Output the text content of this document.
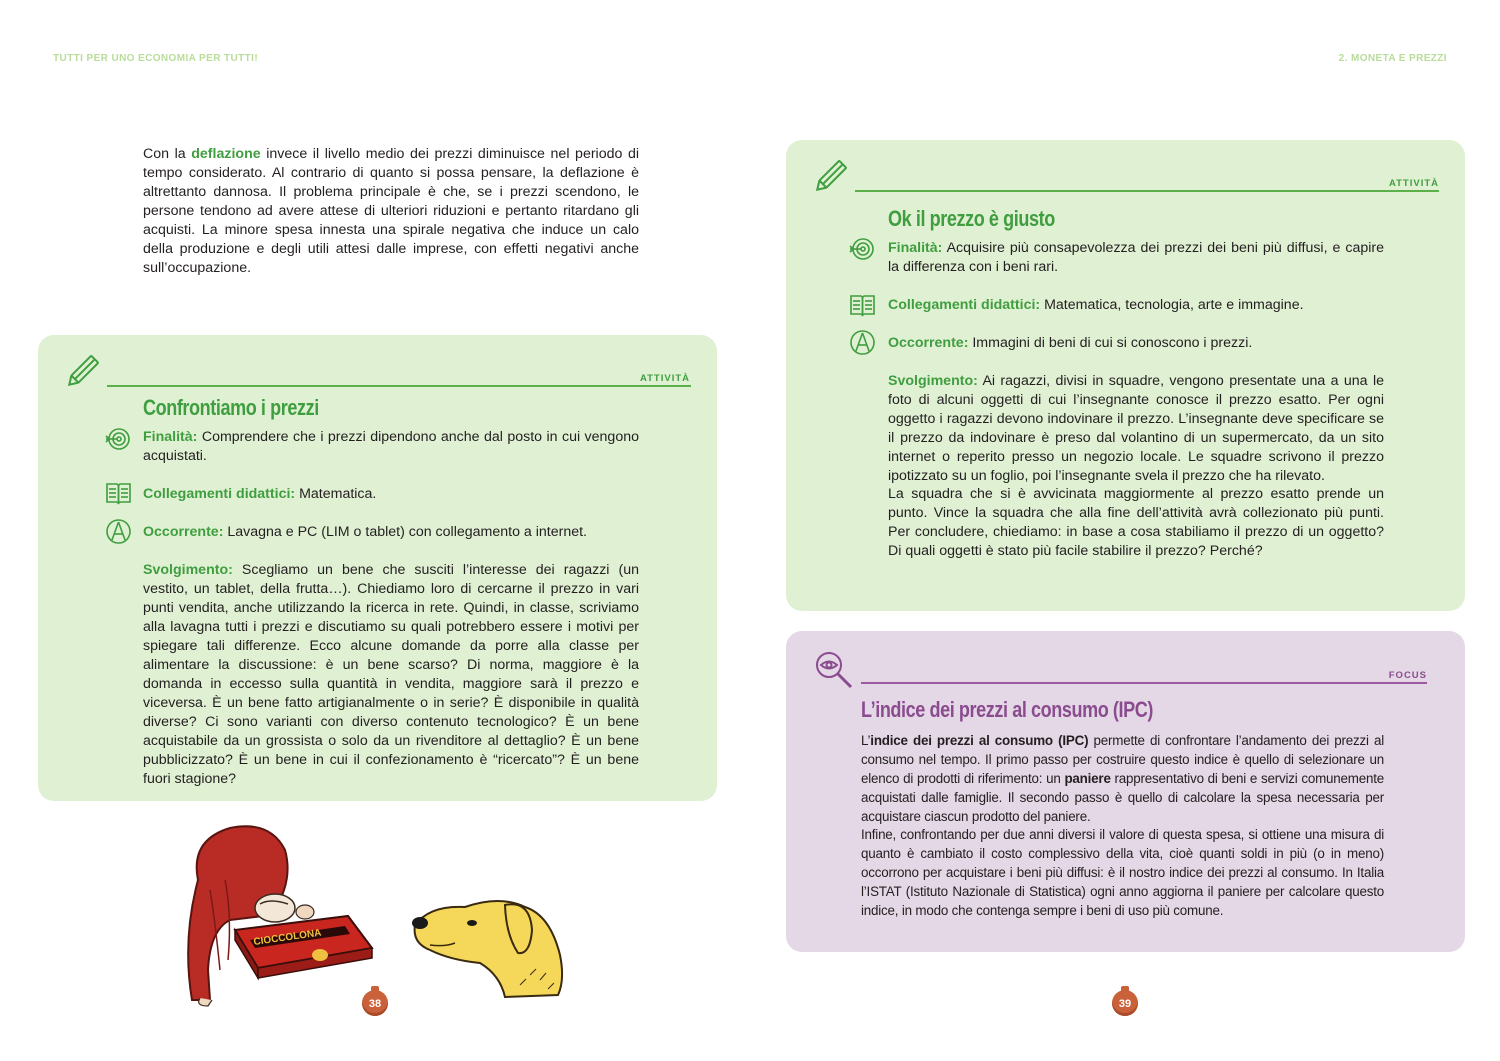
TUTTI PER UNO ECONOMIA PER TUTTI!	2. MONETA E PREZZI

Con la deflazione invece il livello medio dei prezzi diminuisce nel periodo di tempo considerato. Al contrario di quanto si possa pensare, la deflazione è altrettanto dannosa. Il problema principale è che, se i prezzi scendono, le persone tendono ad avere attese di ulteriori riduzioni e pertanto ritardano gli acquisti. La minore spesa innesta una spirale negativa che induce un calo della produzione e degli utili attesi dalle imprese, con effetti negativi anche sull’occupazione.

ATTIVITÀ
Confrontiamo i prezzi

Finalità: Comprendere che i prezzi dipendono anche dal posto in cui vengono acquistati.

Collegamenti didattici: Matematica.

Occorrente: Lavagna e PC (LIM o tablet) con collegamento a internet.

Svolgimento: Scegliamo un bene che susciti l’interesse dei ragazzi (un vestito, un tablet, della frutta…). Chiediamo loro di cercarne il prezzo in vari punti vendita, anche utilizzando la ricerca in rete. Quindi, in classe, scriviamo alla lavagna tutti i prezzi e discutiamo su quali potrebbero essere i motivi per spiegare tali differenze. Ecco alcune domande da porre alla classe per alimentare la discussione: è un bene scarso? Di norma, maggiore è la domanda in eccesso sulla quantità in vendita, maggiore sarà il prezzo e viceversa. È un bene fatto artigianalmente o in serie? È disponibile in qualità diverse? Ci sono varianti con diverso contenuto tecnologico? È un bene acquistabile da un grossista o solo da un rivenditore al dettaglio? È un bene pubblicizzato? È un bene in cui il confezionamento è “ricercato”? È un bene fuori stagione?

ATTIVITÀ
Ok il prezzo è giusto

Finalità: Acquisire più consapevolezza dei prezzi dei beni più diffusi, e capire la differenza con i beni rari.

Collegamenti didattici: Matematica, tecnologia, arte e immagine.

Occorrente: Immagini di beni di cui si conoscono i prezzi.

Svolgimento: Ai ragazzi, divisi in squadre, vengono presentate una a una le foto di alcuni oggetti di cui l’insegnante conosce il prezzo esatto. Per ogni oggetto i ragazzi devono indovinare il prezzo. L’insegnante deve specificare se il prezzo da indovinare è preso dal volantino di un supermercato, da un sito internet o reperito presso un negozio locale. Le squadre scrivono il prezzo ipotizzato su un foglio, poi l’insegnante svela il prezzo che ha rilevato.

La squadra che si è avvicinata maggiormente al prezzo esatto prende un punto. Vince la squadra che alla fine dell’attività avrà collezionato più punti. Per concludere, chiediamo: in base a cosa stabiliamo il prezzo di un oggetto? Di quali oggetti è stato più facile stabilire il prezzo? Perché?

FOCUS
L’indice dei prezzi al consumo (IPC)

L’indice dei prezzi al consumo (IPC) permette di confrontare l’andamento dei prezzi al consumo nel tempo. Il primo passo per costruire questo indice è quello di selezionare un elenco di prodotti di riferimento: un paniere rappresentativo di beni e servizi comunemente acquistati dalle famiglie. Il secondo passo è quello di calcolare la spesa necessaria per acquistare ciascun prodotto del paniere.

Infine, confrontando per due anni diversi il valore di questa spesa, si ottiene una misura di quanto è cambiato il costo complessivo della vita, cioè quanti soldi in più (o in meno) occorrono per acquistare i beni più diffusi: è il nostro indice dei prezzi al consumo. In Italia l’ISTAT (Istituto Nazionale di Statistica) ogni anno aggiorna il paniere per calcolare questo indice, in modo che contenga sempre i beni di uso più comune.

CIOCCOLONA
38	39
